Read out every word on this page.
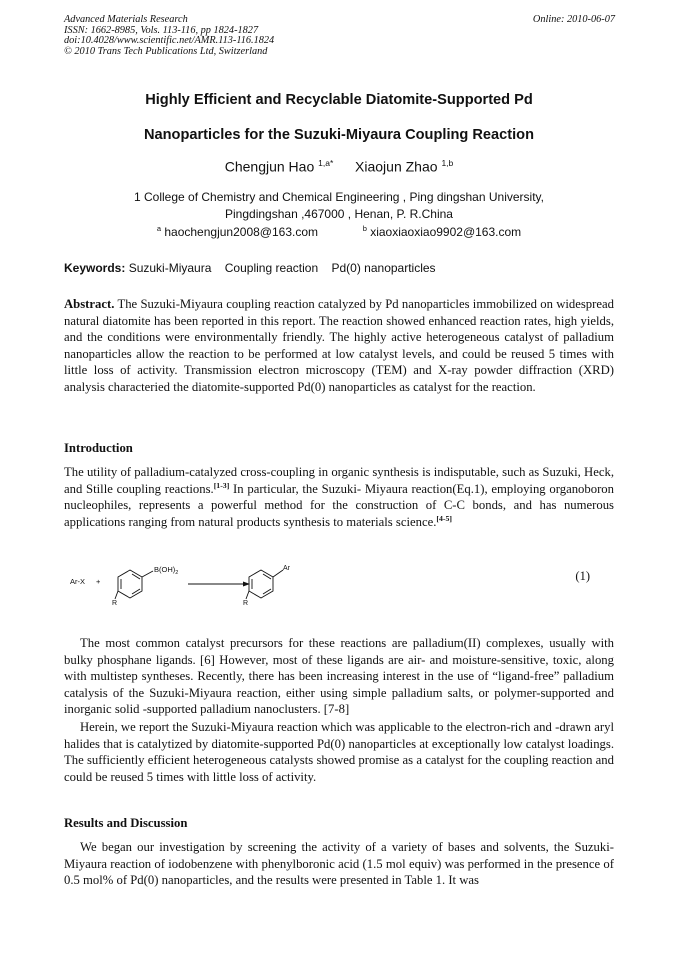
Advanced Materials Research
ISSN: 1662-8985, Vols. 113-116, pp 1824-1827
doi:10.4028/www.scientific.net/AMR.113-116.1824
© 2010 Trans Tech Publications Ltd, Switzerland
Online: 2010-06-07
Highly Efficient and Recyclable Diatomite-Supported Pd
Nanoparticles for the Suzuki-Miyaura Coupling Reaction
Chengjun Hao $^{1,a*}$ Xiaojun Zhao $^{1,b}$
1 College of Chemistry and Chemical Engineering , Ping dingshan University,
Pingdingshan ,467000 , Henan, P. R.China
$^a$ haochengjun2008@163.com	$^b$ xiaoxiaoxiao9902@163.com
Keywords: Suzuki-Miyaura Coupling reaction Pd(0) nanoparticles
Abstract. The Suzuki-Miyaura coupling reaction catalyzed by Pd nanoparticles immobilized on widespread natural diatomite has been reported in this report. The reaction showed enhanced reaction rates, high yields, and the conditions were environmentally friendly. The highly active heterogeneous catalyst of palladium nanoparticles allow the reaction to be performed at low catalyst levels, and could be reused 5 times with little loss of activity. Transmission electron microscopy (TEM) and X-ray powder diffraction (XRD) analysis characteried the diatomite-supported Pd(0) nanoparticles as catalyst for the reaction.
Introduction
The utility of palladium-catalyzed cross-coupling in organic synthesis is indisputable, such as Suzuki, Heck, and Stille coupling reactions.[1-3] In particular, the Suzuki- Miyaura reaction(Eq.1), employing organoboron nucleophiles, represents a powerful method for the construction of C-C bonds, and has numerous applications ranging from natural products synthesis to materials science.[4-5]
Ar-X +
$B(OH)_2$
R
Ar
R
(1)
The most common catalyst precursors for these reactions are palladium(II) complexes, usually with bulky phosphane ligands. [6] However, most of these ligands are air- and moisture-sensitive, toxic, along with multistep syntheses. Recently, there has been increasing interest in the use of “ligand-free” palladium catalysis of the Suzuki-Miyaura reaction, either using simple palladium salts, or polymer-supported and inorganic solid -supported palladium nanoclusters. [7-8]
Herein, we report the Suzuki-Miyaura reaction which was applicable to the electron-rich and -drawn aryl halides that is catalytized by diatomite-supported Pd(0) nanoparticles at exceptionally low catalyst loadings. The sufficiently efficient heterogeneous catalysts showed promise as a catalyst for the coupling reaction and could be reused 5 times with little loss of activity.
Results and Discussion
We began our investigation by screening the activity of a variety of bases and solvents, the Suzuki-Miyaura reaction of iodobenzene with phenylboronic acid (1.5 mol equiv) was performed in the presence of 0.5 mol% of Pd(0) nanoparticles, and the results were presented in Table 1. It was
